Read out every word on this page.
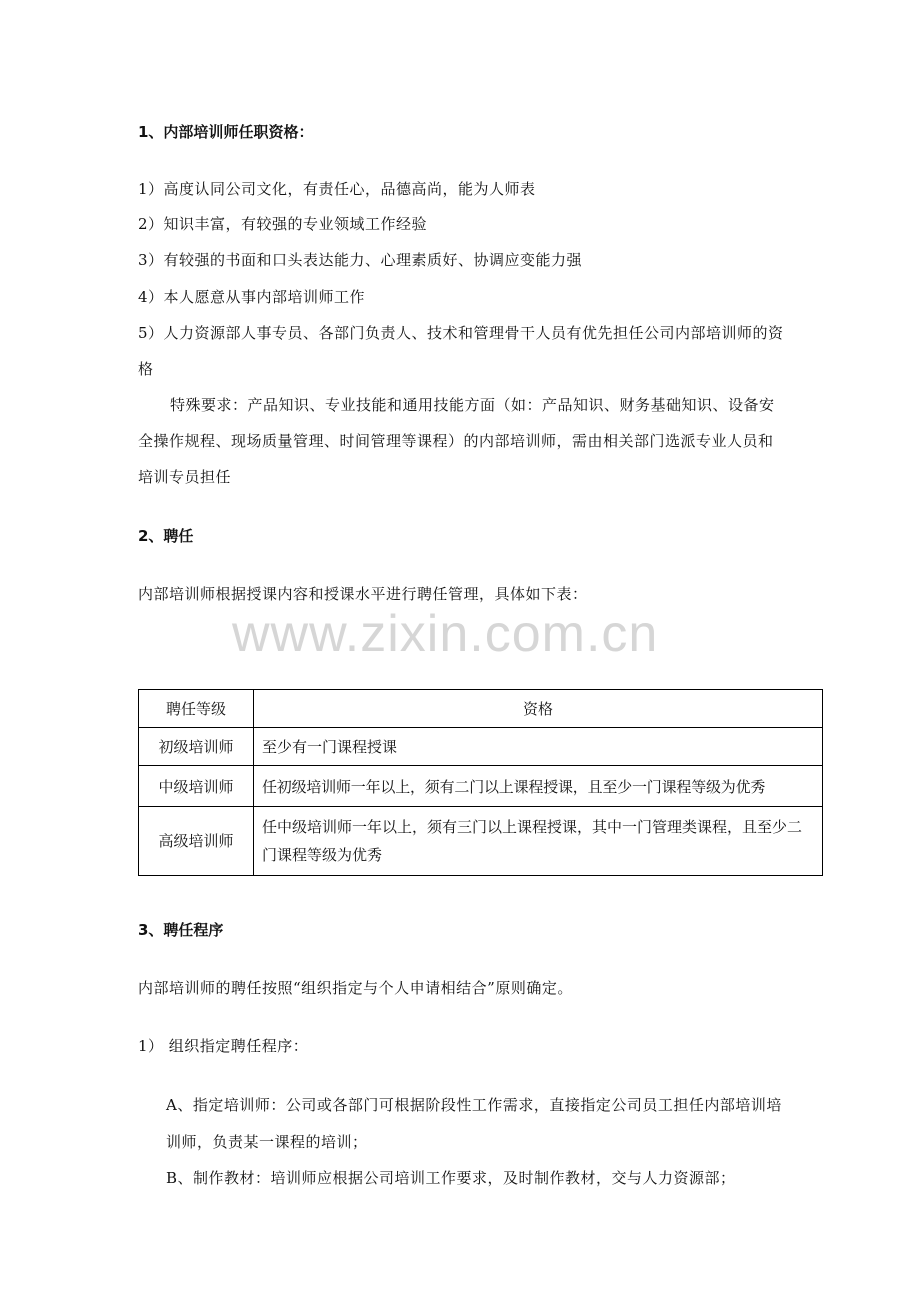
www.zixin.com.cn
1、内部培训师任职资格：
1）高度认同公司文化，有责任心，品德高尚，能为人师表
2）知识丰富，有较强的专业领域工作经验
3）有较强的书面和口头表达能力、心理素质好、协调应变能力强
4）本人愿意从事内部培训师工作
5）人力资源部人事专员、各部门负责人、技术和管理骨干人员有优先担任公司内部培训师的资
格
特殊要求：产品知识、专业技能和通用技能方面（如：产品知识、财务基础知识、设备安
全操作规程、现场质量管理、时间管理等课程）的内部培训师，需由相关部门选派专业人员和
培训专员担任
2、聘任
内部培训师根据授课内容和授课水平进行聘任管理，具体如下表：
聘任等级	资格
初级培训师	至少有一门课程授课
中级培训师	任初级培训师一年以上，须有二门以上课程授课，且至少一门课程等级为优秀
高级培训师	任中级培训师一年以上，须有三门以上课程授课，其中一门管理类课程，且至少二门课程等级为优秀
3、聘任程序
内部培训师的聘任按照“组织指定与个人申请相结合”原则确定。
1） 组织指定聘任程序：
A、指定培训师：公司或各部门可根据阶段性工作需求，直接指定公司员工担任内部培训培
训师，负责某一课程的培训；
B、制作教材：培训师应根据公司培训工作要求，及时制作教材，交与人力资源部；
